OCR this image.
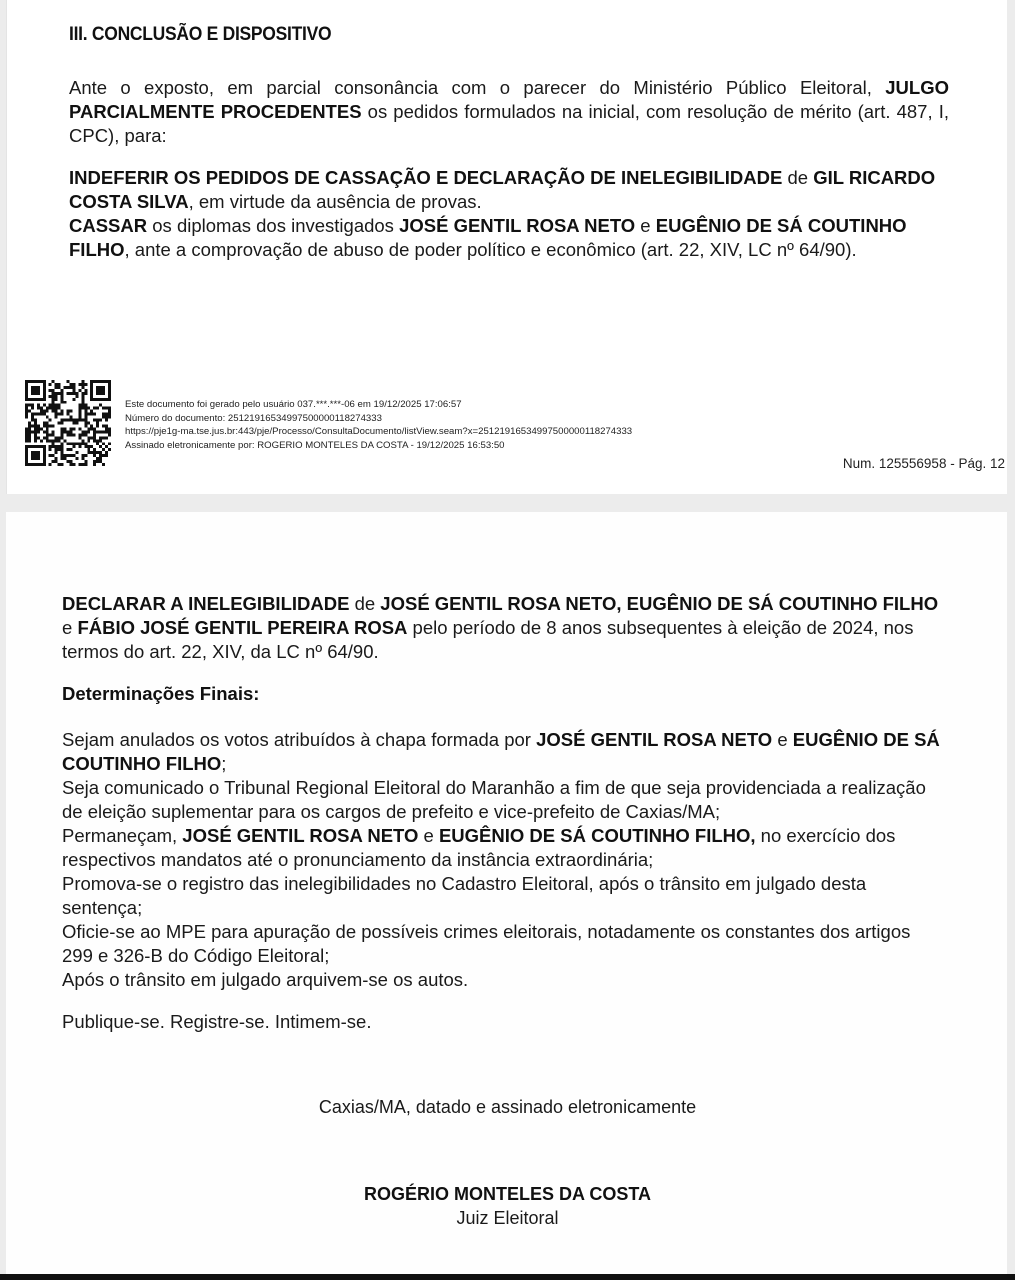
III. CONCLUSÃO E DISPOSITIVO
Ante o exposto, em parcial consonância com o parecer do Ministério Público Eleitoral, JULGO PARCIALMENTE PROCEDENTES os pedidos formulados na inicial, com resolução de mérito (art. 487, I, CPC), para:
INDEFERIR OS PEDIDOS DE CASSAÇÃO E DECLARAÇÃO DE INELEGIBILIDADE de GIL RICARDO COSTA SILVA, em virtude da ausência de provas.
CASSAR os diplomas dos investigados JOSÉ GENTIL ROSA NETO e EUGÊNIO DE SÁ COUTINHO FILHO, ante a comprovação de abuso de poder político e econômico (art. 22, XIV, LC nº 64/90).
Este documento foi gerado pelo usuário 037.***.***-06 em 19/12/2025 17:06:57
Número do documento: 25121916534997500000118274333
https://pje1g-ma.tse.jus.br:443/pje/Processo/ConsultaDocumento/listView.seam?x=25121916534997500000118274333
Assinado eletronicamente por: ROGERIO MONTELES DA COSTA - 19/12/2025 16:53:50
Num. 125556958 - Pág. 12
DECLARAR A INELEGIBILIDADE de JOSÉ GENTIL ROSA NETO, EUGÊNIO DE SÁ COUTINHO FILHO e FÁBIO JOSÉ GENTIL PEREIRA ROSA pelo período de 8 anos subsequentes à eleição de 2024, nos termos do art. 22, XIV, da LC nº 64/90.
Determinações Finais:
Sejam anulados os votos atribuídos à chapa formada por JOSÉ GENTIL ROSA NETO e EUGÊNIO DE SÁ COUTINHO FILHO;
Seja comunicado o Tribunal Regional Eleitoral do Maranhão a fim de que seja providenciada a realização de eleição suplementar para os cargos de prefeito e vice-prefeito de Caxias/MA;
Permaneçam, JOSÉ GENTIL ROSA NETO e EUGÊNIO DE SÁ COUTINHO FILHO, no exercício dos respectivos mandatos até o pronunciamento da instância extraordinária;
Promova-se o registro das inelegibilidades no Cadastro Eleitoral, após o trânsito em julgado desta sentença;
Oficie-se ao MPE para apuração de possíveis crimes eleitorais, notadamente os constantes dos artigos 299 e 326-B do Código Eleitoral;
Após o trânsito em julgado arquivem-se os autos.
Publique-se. Registre-se. Intimem-se.
Caxias/MA, datado e assinado eletronicamente
ROGÉRIO MONTELES DA COSTA
Juiz Eleitoral
